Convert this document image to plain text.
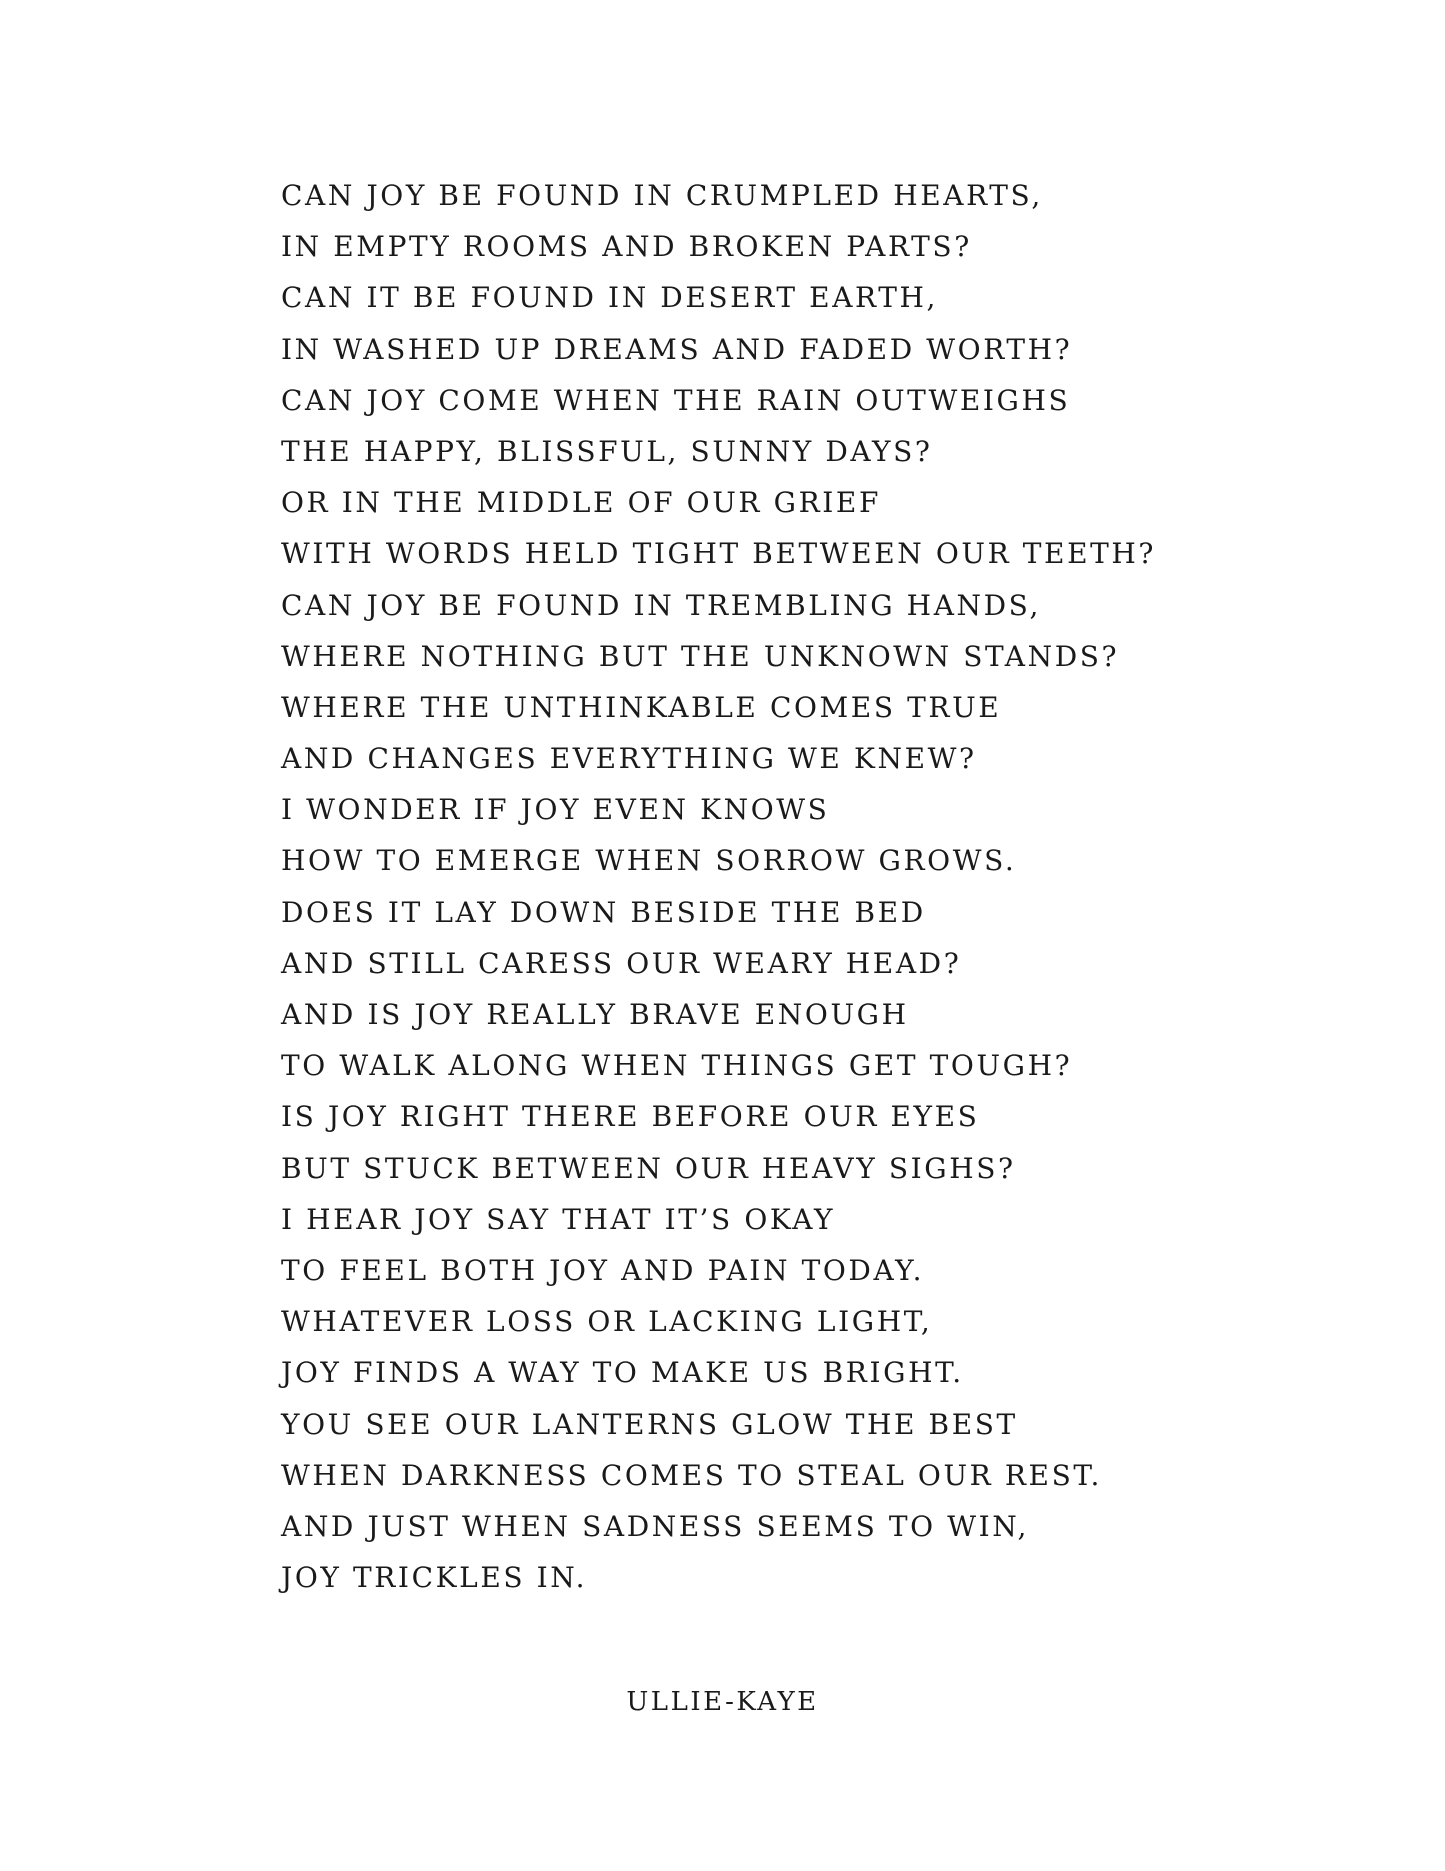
CAN JOY BE FOUND IN CRUMPLED HEARTS,
IN EMPTY ROOMS AND BROKEN PARTS?
CAN IT BE FOUND IN DESERT EARTH,
IN WASHED UP DREAMS AND FADED WORTH?
CAN JOY COME WHEN THE RAIN OUTWEIGHS
THE HAPPY, BLISSFUL, SUNNY DAYS?
OR IN THE MIDDLE OF OUR GRIEF
WITH WORDS HELD TIGHT BETWEEN OUR TEETH?
CAN JOY BE FOUND IN TREMBLING HANDS,
WHERE NOTHING BUT THE UNKNOWN STANDS?
WHERE THE UNTHINKABLE COMES TRUE
AND CHANGES EVERYTHING WE KNEW?
I WONDER IF JOY EVEN KNOWS
HOW TO EMERGE WHEN SORROW GROWS.
DOES IT LAY DOWN BESIDE THE BED
AND STILL CARESS OUR WEARY HEAD?
AND IS JOY REALLY BRAVE ENOUGH
TO WALK ALONG WHEN THINGS GET TOUGH?
IS JOY RIGHT THERE BEFORE OUR EYES
BUT STUCK BETWEEN OUR HEAVY SIGHS?
I HEAR JOY SAY THAT IT’S OKAY
TO FEEL BOTH JOY AND PAIN TODAY.
WHATEVER LOSS OR LACKING LIGHT,
JOY FINDS A WAY TO MAKE US BRIGHT.
YOU SEE OUR LANTERNS GLOW THE BEST
WHEN DARKNESS COMES TO STEAL OUR REST.
AND JUST WHEN SADNESS SEEMS TO WIN,
JOY TRICKLES IN.
ULLIE-KAYE
